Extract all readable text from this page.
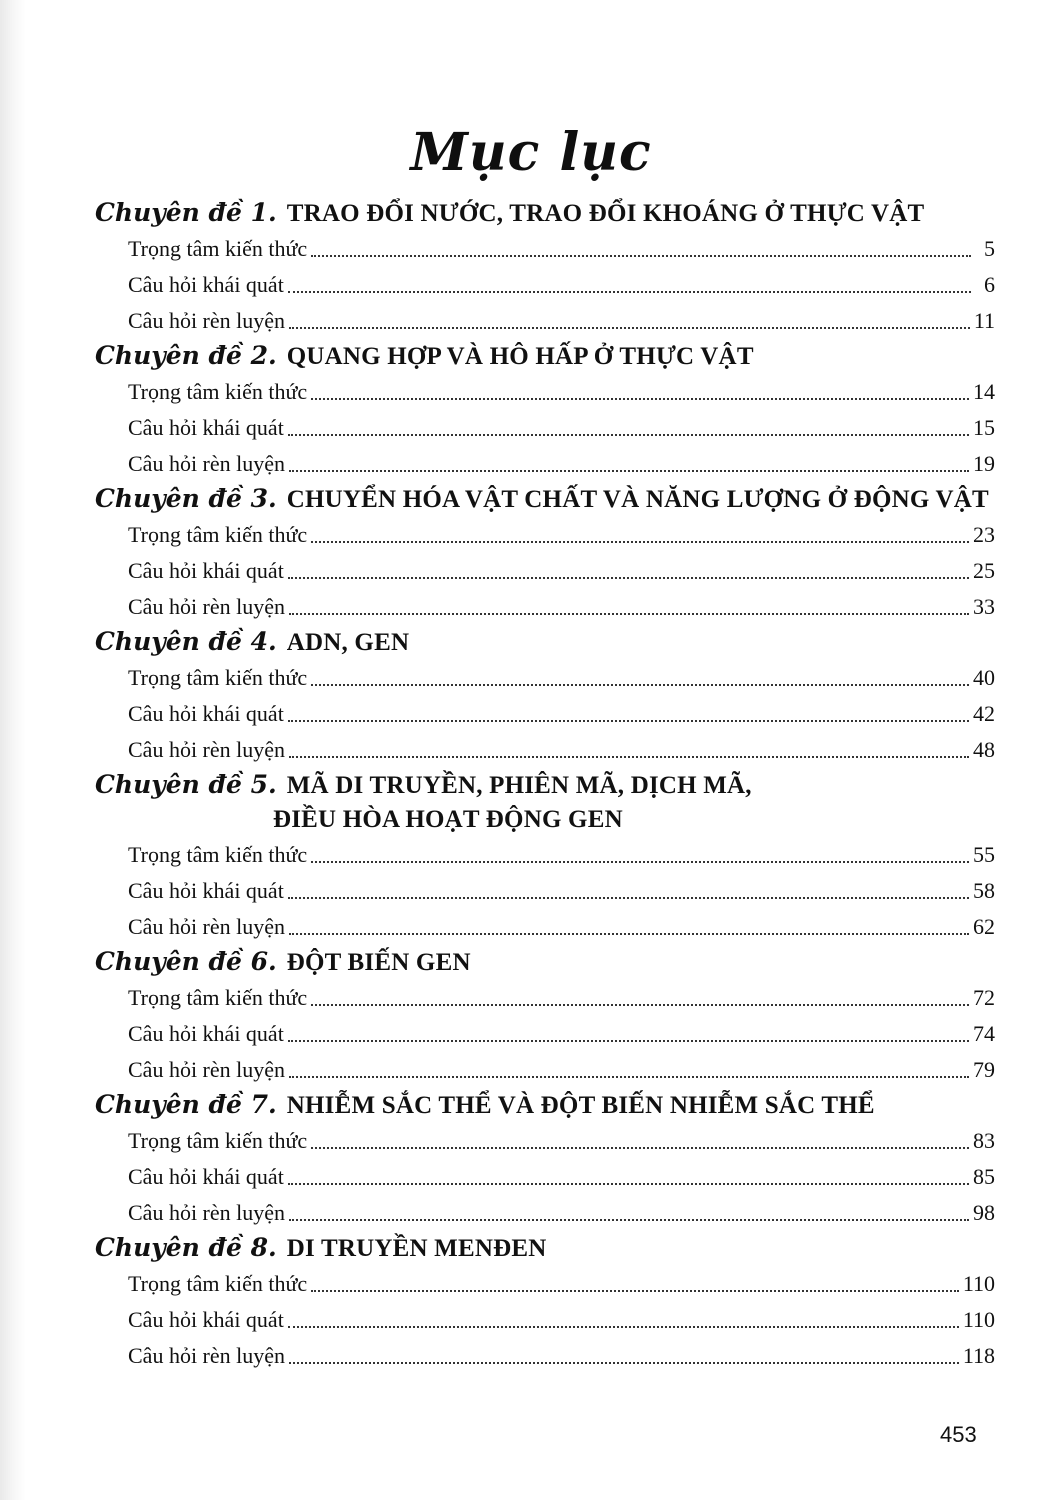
Mục lục
Chuyên đề 1. TRAO ĐỔI NƯỚC, TRAO ĐỔI KHOÁNG Ở THỰC VẬT
Trọng tâm kiến thức	5
Câu hỏi khái quát	6
Câu hỏi rèn luyện	11
Chuyên đề 2. QUANG HỢP VÀ HÔ HẤP Ở THỰC VẬT
Trọng tâm kiến thức	14
Câu hỏi khái quát	15
Câu hỏi rèn luyện	19
Chuyên đề 3. CHUYỂN HÓA VẬT CHẤT VÀ NĂNG LƯỢNG Ở ĐỘNG VẬT
Trọng tâm kiến thức	23
Câu hỏi khái quát	25
Câu hỏi rèn luyện	33
Chuyên đề 4. ADN, GEN
Trọng tâm kiến thức	40
Câu hỏi khái quát	42
Câu hỏi rèn luyện	48
Chuyên đề 5. MÃ DI TRUYỀN, PHIÊN MÃ, DỊCH MÃ,
ĐIỀU HÒA HOẠT ĐỘNG GEN
Trọng tâm kiến thức	55
Câu hỏi khái quát	58
Câu hỏi rèn luyện	62
Chuyên đề 6. ĐỘT BIẾN GEN
Trọng tâm kiến thức	72
Câu hỏi khái quát	74
Câu hỏi rèn luyện	79
Chuyên đề 7. NHIỄM SẮC THỂ VÀ ĐỘT BIẾN NHIỄM SẮC THỂ
Trọng tâm kiến thức	83
Câu hỏi khái quát	85
Câu hỏi rèn luyện	98
Chuyên đề 8. DI TRUYỀN MENĐEN
Trọng tâm kiến thức	110
Câu hỏi khái quát	110
Câu hỏi rèn luyện	118
453
